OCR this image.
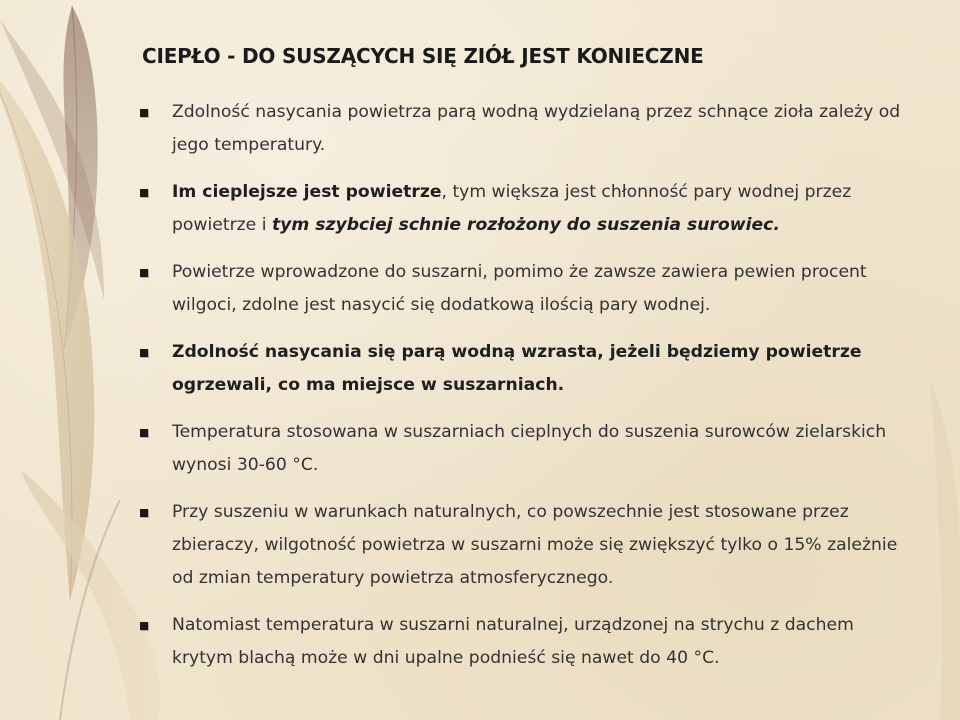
CIEPŁO - DO SUSZĄCYCH SIĘ ZIÓŁ JEST KONIECZNE
Zdolność nasycania powietrza parą wodną wydzielaną przez schnące zioła zależy od jego temperatury.
Im cieplejsze jest powietrze, tym większa jest chłonność pary wodnej przez powietrze i tym szybciej schnie rozłożony do suszenia surowiec.
Powietrze wprowadzone do suszarni, pomimo że zawsze zawiera pewien procent wilgoci, zdolne jest nasycić się dodatkową ilością pary wodnej.
Zdolność nasycania się parą wodną wzrasta, jeżeli będziemy powietrze ogrzewali, co ma miejsce w suszarniach.
Temperatura stosowana w suszarniach cieplnych do suszenia surowców zielarskich wynosi 30-60 °C.
Przy suszeniu w warunkach naturalnych, co powszechnie jest stosowane przez zbieraczy, wilgotność powietrza w suszarni może się zwiększyć tylko o 15% zależnie od zmian temperatury powietrza atmosferycznego.
Natomiast temperatura w suszarni naturalnej, urządzonej na strychu z dachem krytym blachą może w dni upalne podnieść się nawet do 40 °C.
